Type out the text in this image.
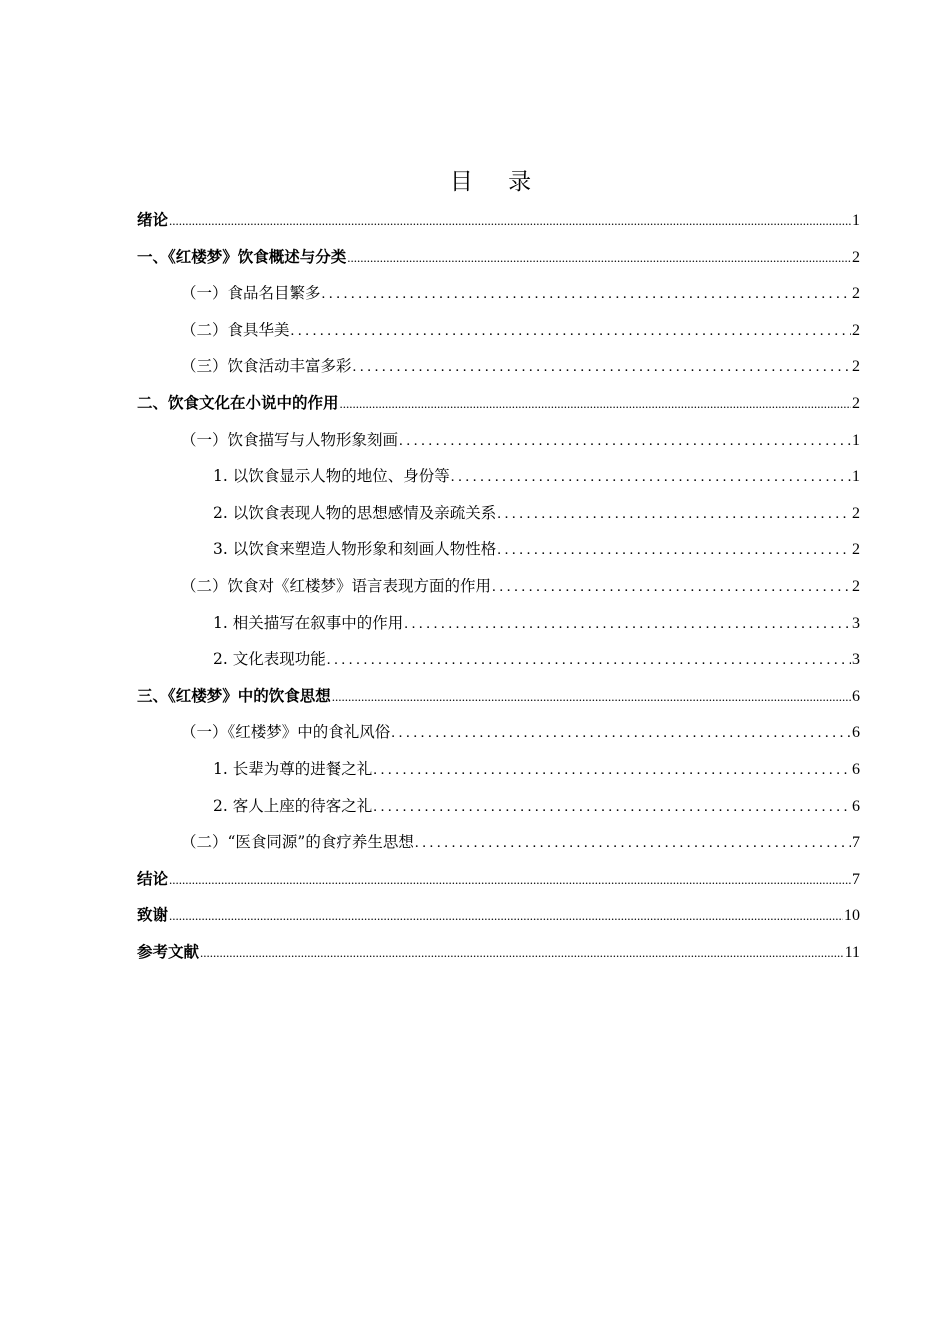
目 录
绪论 .....	1
一、《红楼梦》饮食概述与分类 .....	2
（一）食品名目繁多 .....	2
（二）食具华美 .....	2
（三）饮食活动丰富多彩 .....	2
二、饮食文化在小说中的作用 .....	2
（一）饮食描写与人物形象刻画 .....	1
1. 以饮食显示人物的地位、身份等 .....	1
2. 以饮食表现人物的思想感情及亲疏关系 .....	2
3. 以饮食来塑造人物形象和刻画人物性格 .....	2
（二）饮食对《红楼梦》语言表现方面的作用 .....	2
1. 相关描写在叙事中的作用 .....	3
2. 文化表现功能 .....	3
三、《红楼梦》中的饮食思想 .....	6
（一）《红楼梦》中的食礼风俗 .....	6
1. 长辈为尊的进餐之礼 .....	6
2. 客人上座的待客之礼 .....	6
（二）“医食同源”的食疗养生思想 .....	7
结论 .....	7
致谢 .....	10
参考文献 .....	11
